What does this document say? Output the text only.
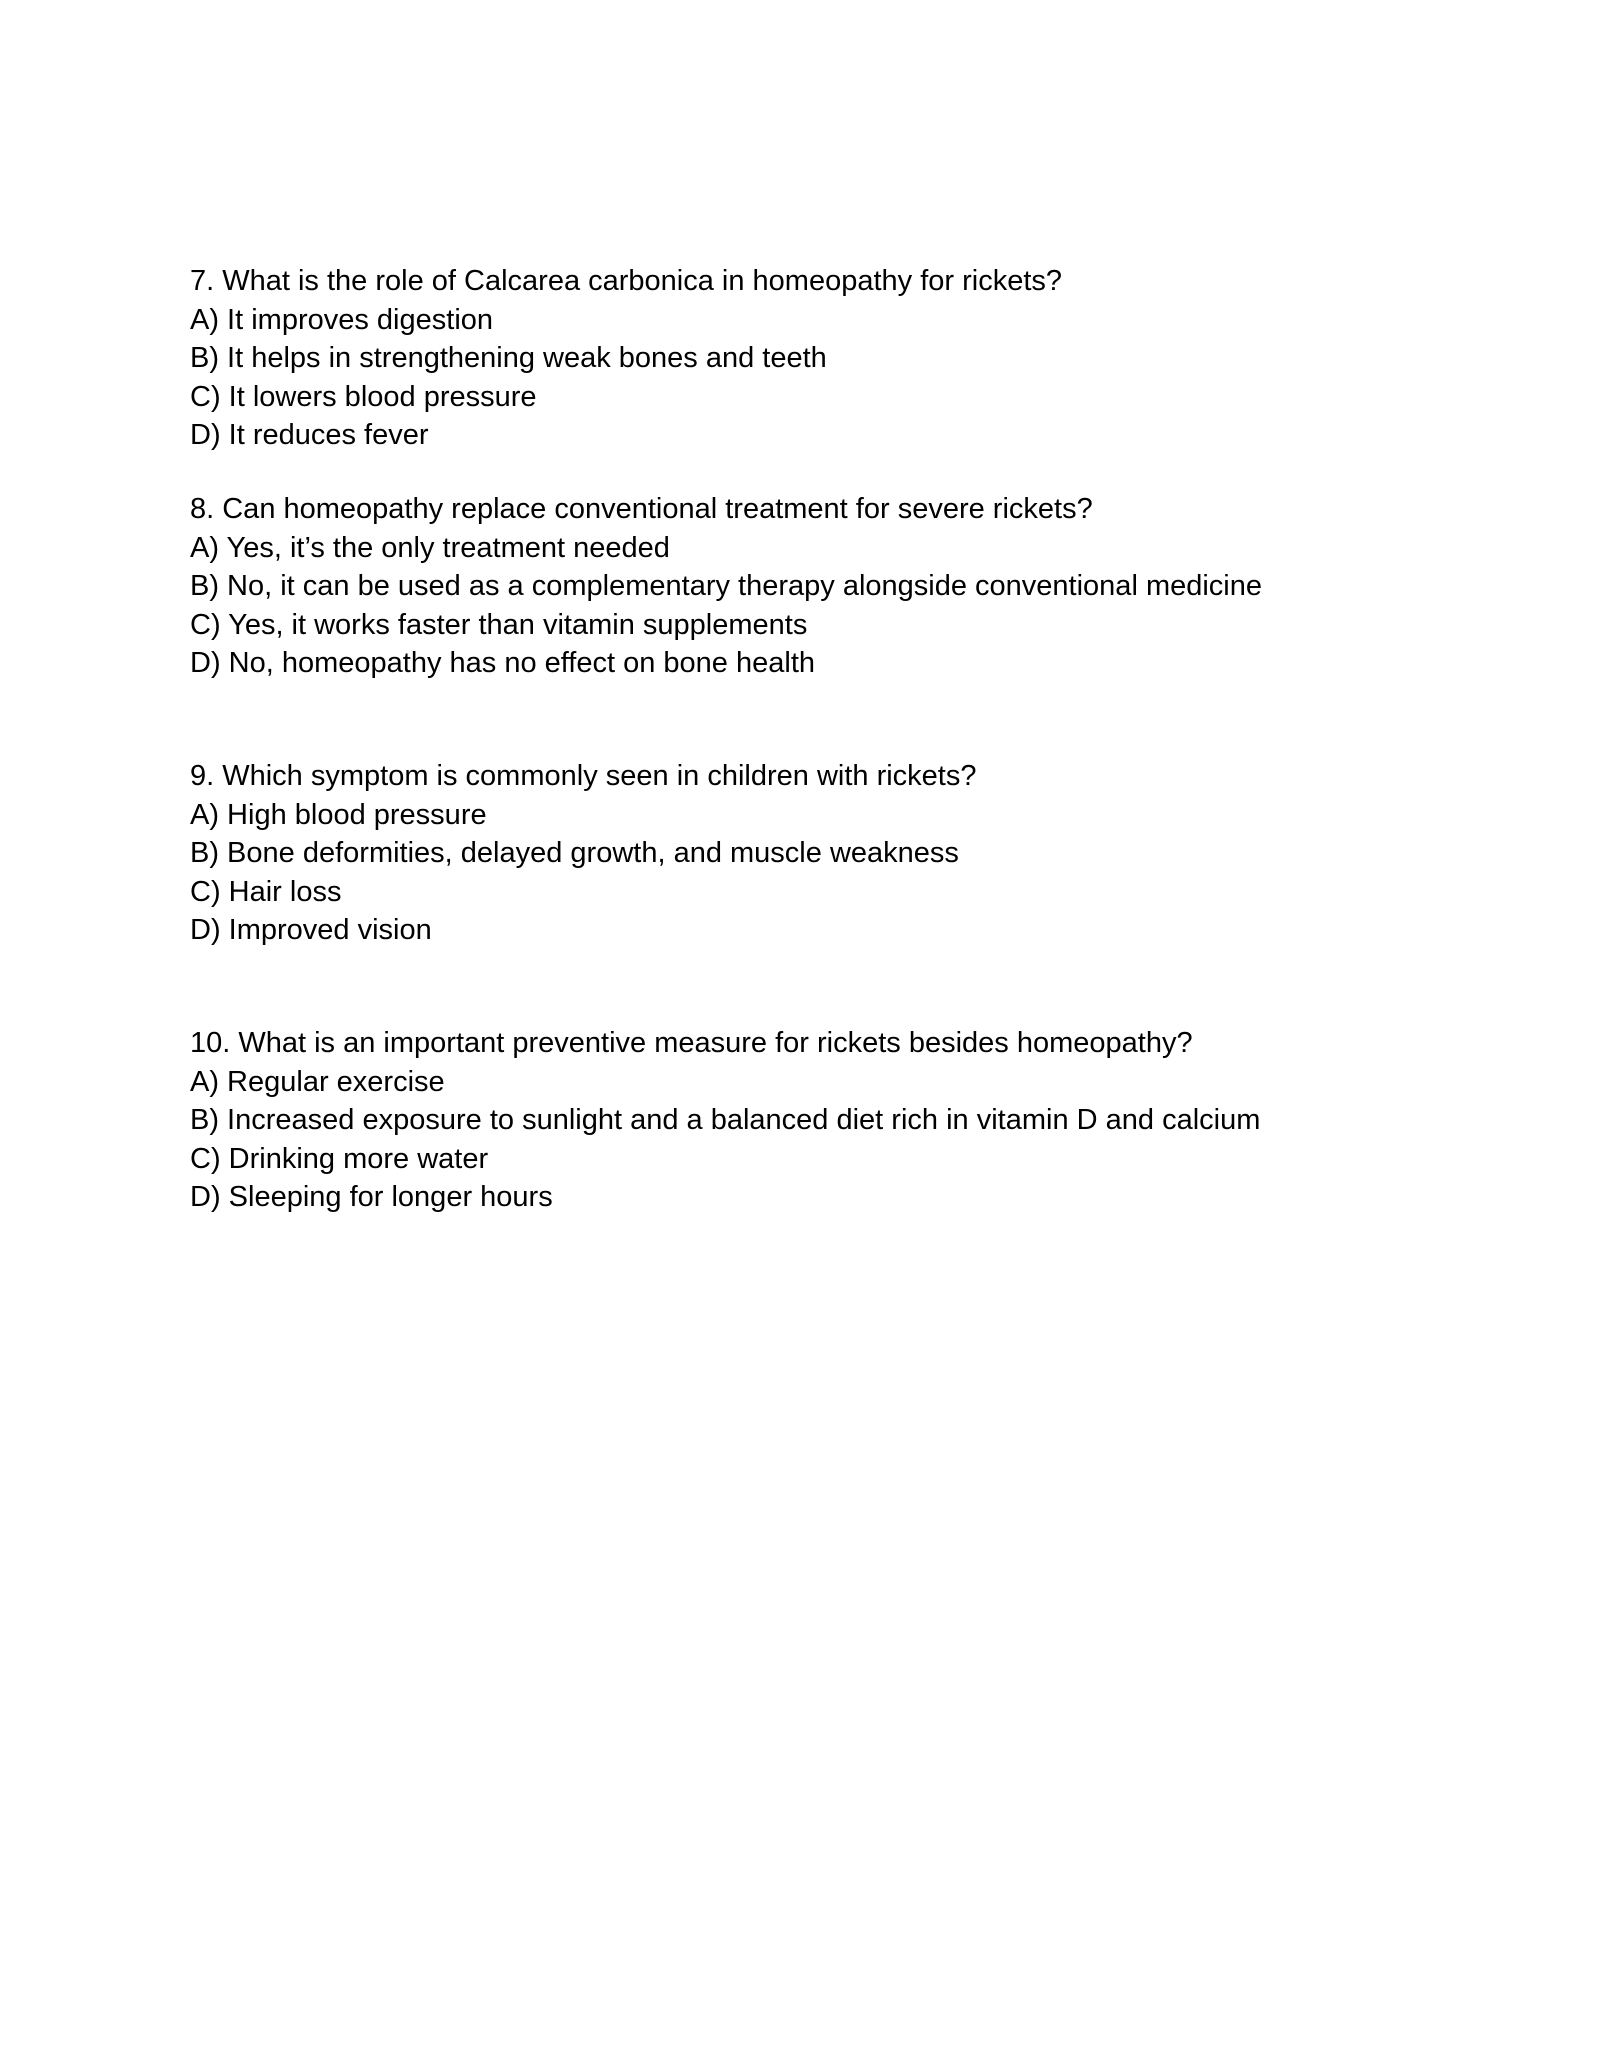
7. What is the role of Calcarea carbonica in homeopathy for rickets?

A) It improves digestion

B) It helps in strengthening weak bones and teeth

C) It lowers blood pressure

D) It reduces fever

8. Can homeopathy replace conventional treatment for severe rickets?

A) Yes, it’s the only treatment needed

B) No, it can be used as a complementary therapy alongside conventional medicine

C) Yes, it works faster than vitamin supplements

D) No, homeopathy has no effect on bone health

9. Which symptom is commonly seen in children with rickets?

A) High blood pressure

B) Bone deformities, delayed growth, and muscle weakness

C) Hair loss

D) Improved vision

10. What is an important preventive measure for rickets besides homeopathy?

A) Regular exercise

B) Increased exposure to sunlight and a balanced diet rich in vitamin D and calcium

C) Drinking more water

D) Sleeping for longer hours
